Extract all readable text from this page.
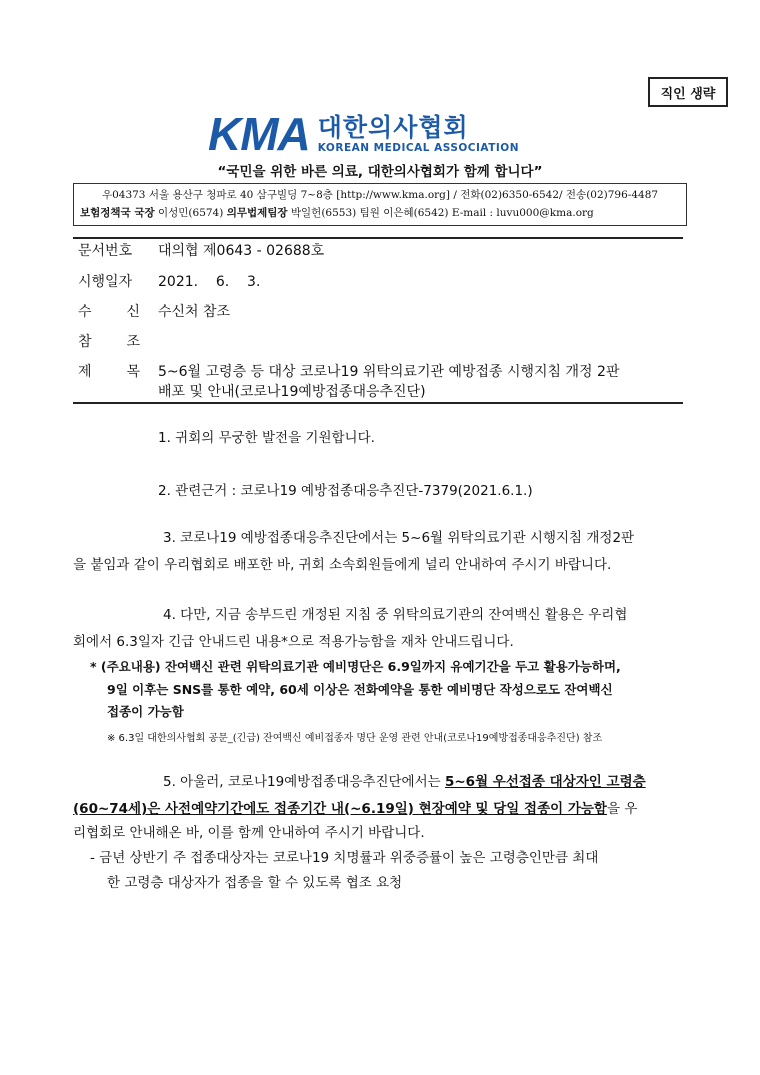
직인 생략
KMA 대한의사협회
KOREAN MEDICAL ASSOCIATION
“국민을 위한 바른 의료, 대한의사협회가 함께 합니다”
우04373 서울 용산구 청파로 40 삼구빌딩 7~8층 [http://www.kma.org] / 전화(02)6350-6542/ 전송(02)796-4487
보험정책국 국장 이성민(6574) 의무법제팀장 박일헌(6553) 팀원 이은혜(6542) E-mail : luvu000@kma.org
문서번호	대의협 제0643 - 02688호
시행일자	2021.    6.    3.
수 신 수신처 참조
참 조
제 목 5~6월 고령층 등 대상 코로나19 위탁의료기관 예방접종 시행지침 개정 2판
배포 및 안내(코로나19예방접종대응추진단)
1. 귀회의 무궁한 발전을 기원합니다.
2. 관련근거 : 코로나19 예방접종대응추진단-7379(2021.6.1.)
3. 코로나19 예방접종대응추진단에서는 5~6월 위탁의료기관 시행지침 개정2판
을 붙임과 같이 우리협회로 배포한 바, 귀회 소속회원들에게 널리 안내하여 주시기 바랍니다.
4. 다만, 지금 송부드린 개정된 지침 중 위탁의료기관의 잔여백신 활용은 우리협
회에서 6.3일자 긴급 안내드린 내용*으로 적용가능함을 재차 안내드립니다.
* (주요내용) 잔여백신 관련 위탁의료기관 예비명단은 6.9일까지 유예기간을 두고 활용가능하며,
9일 이후는 SNS를 통한 예약, 60세 이상은 전화예약을 통한 예비명단 작성으로도 잔여백신
접종이 가능함
※ 6.3일 대한의사협회 공문_(긴급) 잔여백신 예비접종자 명단 운영 관련 안내(코로나19예방접종대응추진단) 참조
5. 아울러, 코로나19예방접종대응추진단에서는 5~6월 우선접종 대상자인 고령층
(60~74세)은 사전예약기간에도 접종기간 내(~6.19일) 현장예약 및 당일 접종이 가능함을 우
리협회로 안내해온 바, 이를 함께 안내하여 주시기 바랍니다.
- 금년 상반기 주 접종대상자는 코로나19 치명률과 위중증률이 높은 고령층인만큼 최대
한 고령층 대상자가 접종을 할 수 있도록 협조 요청
